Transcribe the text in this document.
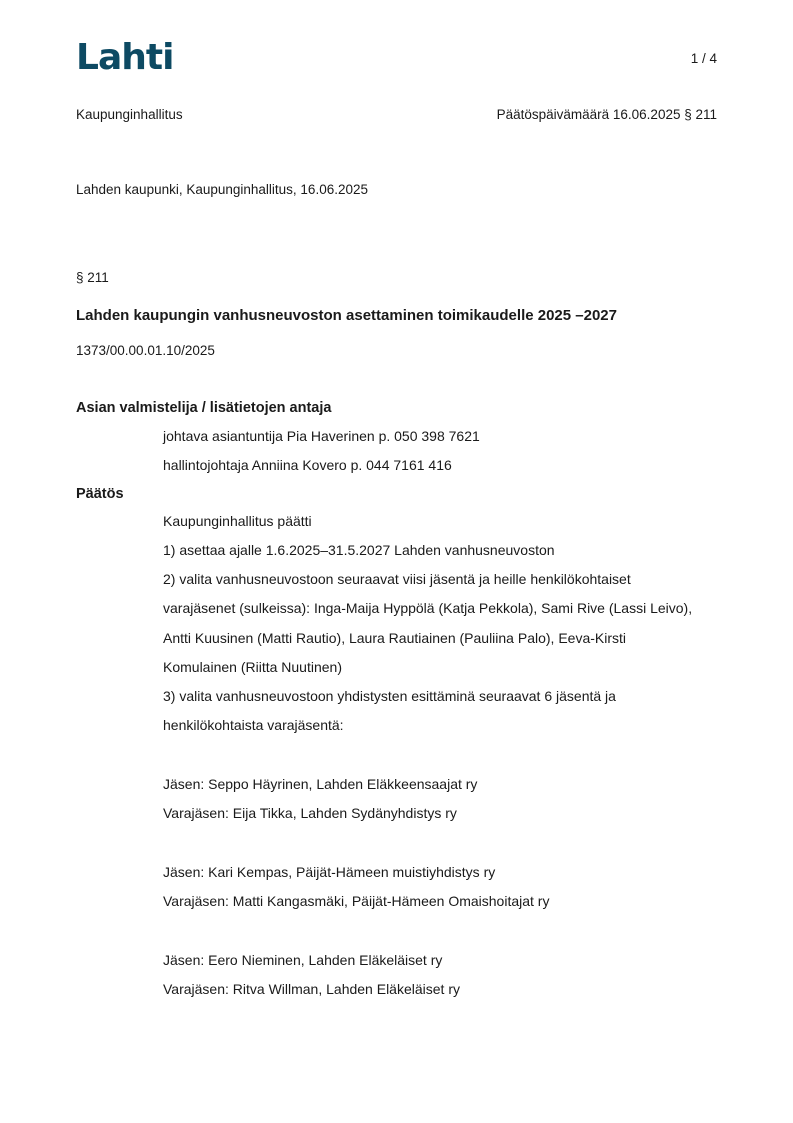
Lahti	1 / 4
Kaupunginhallitus	Päätöspäivämäärä 16.06.2025 § 211
Lahden kaupunki, Kaupunginhallitus, 16.06.2025
§ 211
Lahden kaupungin vanhusneuvoston asettaminen toimikaudelle 2025 –2027
1373/00.00.01.10/2025
Asian valmistelija / lisätietojen antaja
johtava asiantuntija Pia Haverinen p. 050 398 7621
hallintojohtaja Anniina Kovero p. 044 7161 416
Päätös
Kaupunginhallitus päätti
1) asettaa ajalle 1.6.2025–31.5.2027 Lahden vanhusneuvoston
2) valita vanhusneuvostoon seuraavat viisi jäsentä ja heille henkilökohtaiset
varajäsenet (sulkeissa): Inga-Maija Hyppölä (Katja Pekkola), Sami Rive (Lassi Leivo),
Antti Kuusinen (Matti Rautio), Laura Rautiainen (Pauliina Palo), Eeva-Kirsti
Komulainen (Riitta Nuutinen)
3) valita vanhusneuvostoon yhdistysten esittäminä seuraavat 6 jäsentä ja
henkilökohtaista varajäsentä:
Jäsen: Seppo Häyrinen, Lahden Eläkkeensaajat ry
Varajäsen: Eija Tikka, Lahden Sydänyhdistys ry
Jäsen: Kari Kempas, Päijät-Hämeen muistiyhdistys ry
Varajäsen: Matti Kangasmäki, Päijät-Hämeen Omaishoitajat ry
Jäsen: Eero Nieminen, Lahden Eläkeläiset ry
Varajäsen: Ritva Willman, Lahden Eläkeläiset ry
